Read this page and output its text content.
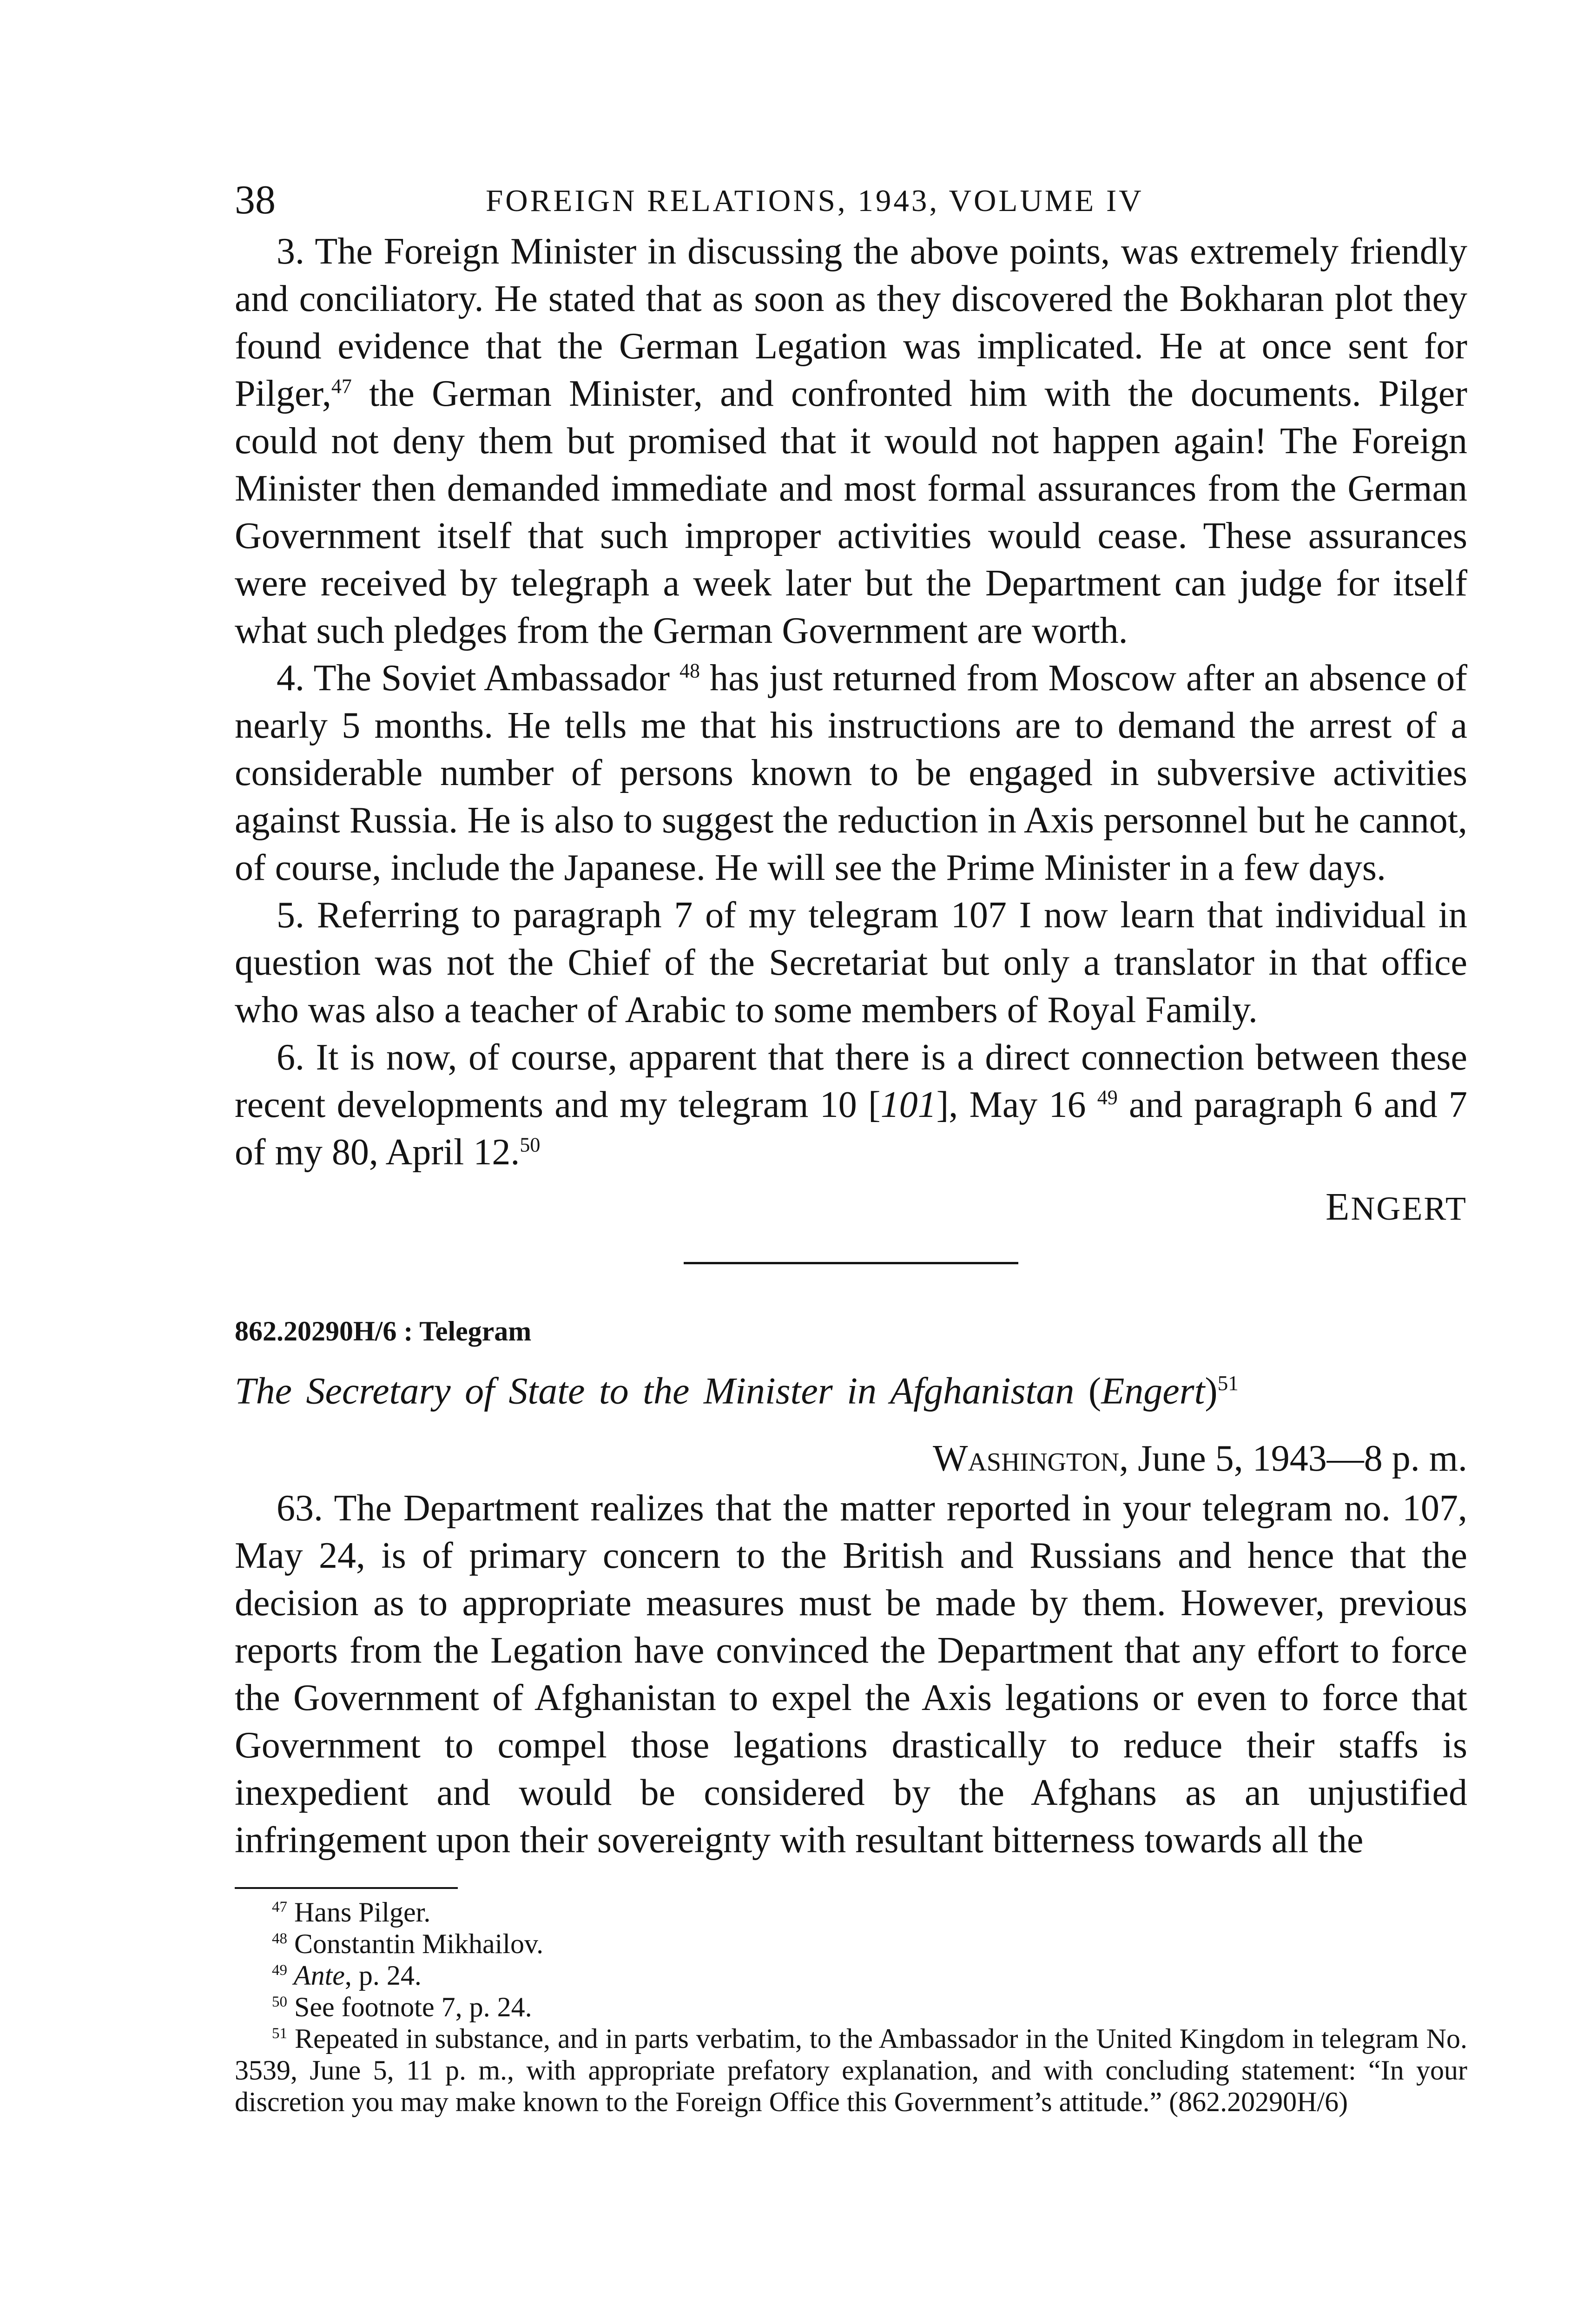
38	FOREIGN RELATIONS, 1943, VOLUME IV

3. The Foreign Minister in discussing the above points, was extremely friendly and conciliatory. He stated that as soon as they discovered the Bokharan plot they found evidence that the German Legation was implicated. He at once sent for Pilger,$^{47}$ the German Minister, and confronted him with the documents. Pilger could not deny them but promised that it would not happen again! The Foreign Minister then demanded immediate and most formal assurances from the German Government itself that such improper activities would cease. These assurances were received by telegraph a week later but the Department can judge for itself what such pledges from the German Government are worth.

4. The Soviet Ambassador $^{48}$ has just returned from Moscow after an absence of nearly 5 months. He tells me that his instructions are to demand the arrest of a considerable number of persons known to be engaged in subversive activities against Russia. He is also to suggest the reduction in Axis personnel but he cannot, of course, include the Japanese. He will see the Prime Minister in a few days.

5. Referring to paragraph 7 of my telegram 107 I now learn that individual in question was not the Chief of the Secretariat but only a translator in that office who was also a teacher of Arabic to some members of Royal Family.

6. It is now, of course, apparent that there is a direct connection between these recent developments and my telegram 10 [101], May 16 $^{49}$ and paragraph 6 and 7 of my 80, April 12.50

ENGERT
862.20290H/6 : Telegram
The Secretary of State to the Minister in Afghanistan (Engert)$^{51}$
Washington, June 5, 1943—8 p. m.

63. The Department realizes that the matter reported in your telegram no. 107, May 24, is of primary concern to the British and Russians and hence that the decision as to appropriate measures must be made by them. However, previous reports from the Legation have convinced the Department that any effort to force the Government of Afghanistan to expel the Axis legations or even to force that Government to compel those legations drastically to reduce their staffs is inexpedient and would be considered by the Afghans as an unjustified infringement upon their sovereignty with resultant bitterness towards all the

$^{47}$ Hans Pilger.

$^{48}$ Constantin Mikhailov.

$^{49}$ Ante, p. 24.

$^{50}$ See footnote 7, p. 24.

$^{51}$ Repeated in substance, and in parts verbatim, to the Ambassador in the United Kingdom in telegram No. 3539, June 5, 11 p. m., with appropriate prefatory explanation, and with concluding statement: “In your discretion you may make known to the Foreign Office this Government’s attitude.” (862.20290H/6)
